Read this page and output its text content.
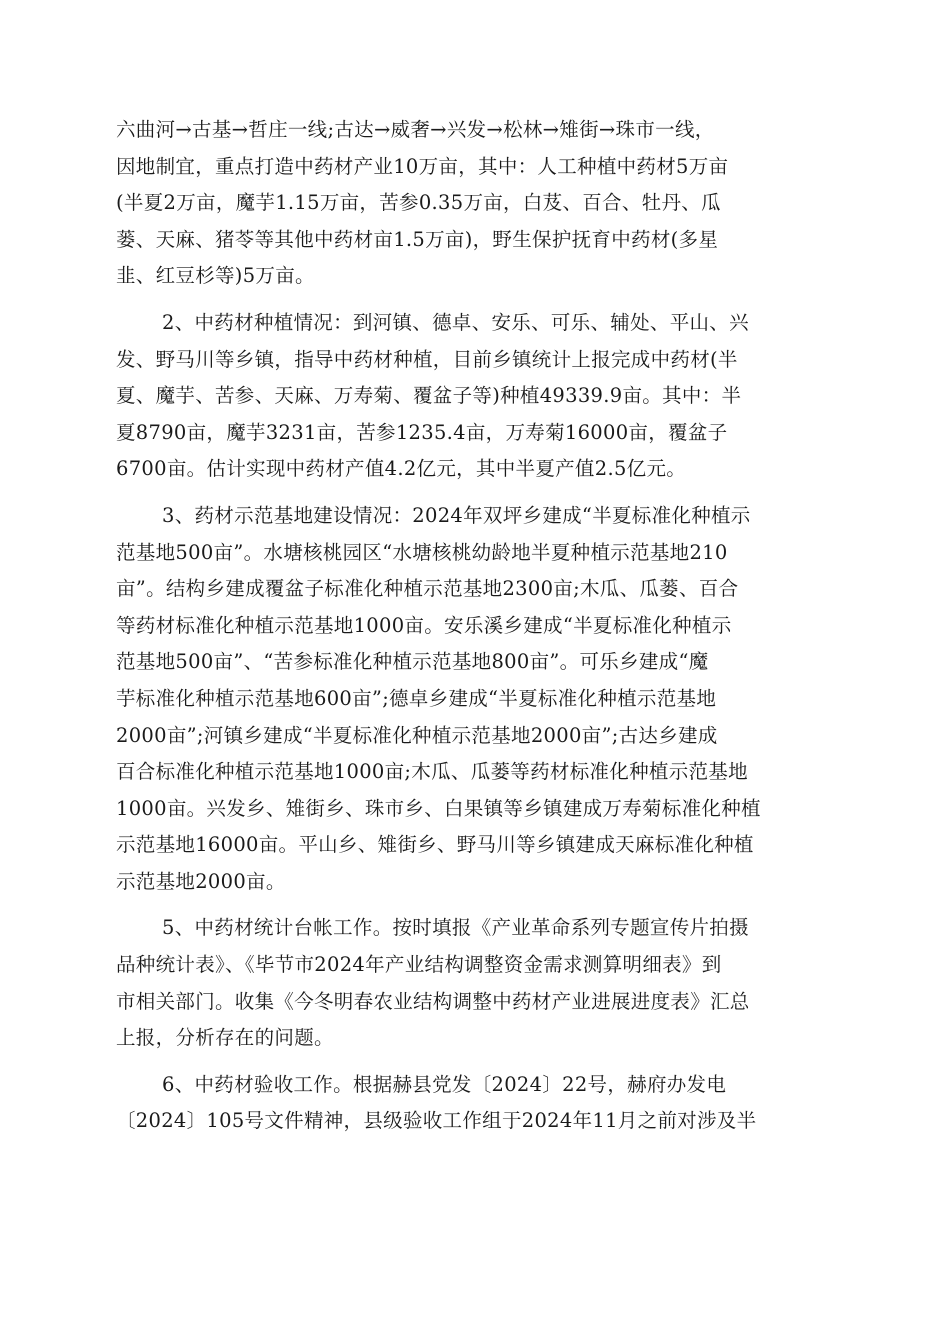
六曲河→古基→哲庄一线;古达→威奢→兴发→松林→雉街→珠市一线，
因地制宜，重点打造中药材产业10万亩，其中：人工种植中药材5万亩
(半夏2万亩，魔芋1.15万亩，苦参0.35万亩，白芨、百合、牡丹、瓜
蒌、天麻、猪苓等其他中药材亩1.5万亩)，野生保护抚育中药材(多星
韭、红豆杉等)5万亩。
2、中药材种植情况：到河镇、德卓、安乐、可乐、辅处、平山、兴
发、野马川等乡镇，指导中药材种植，目前乡镇统计上报完成中药材(半
夏、魔芋、苦参、天麻、万寿菊、覆盆子等)种植49339.9亩。其中：半
夏8790亩，魔芋3231亩，苦参1235.4亩，万寿菊16000亩，覆盆子
6700亩。估计实现中药材产值4.2亿元，其中半夏产值2.5亿元。
3、药材示范基地建设情况：2024年双坪乡建成“半夏标准化种植示
范基地500亩”。水塘核桃园区“水塘核桃幼龄地半夏种植示范基地210
亩”。结构乡建成覆盆子标准化种植示范基地2300亩;木瓜、瓜蒌、百合
等药材标准化种植示范基地1000亩。安乐溪乡建成“半夏标准化种植示
范基地500亩”、“苦参标准化种植示范基地800亩”。可乐乡建成“魔
芋标准化种植示范基地600亩”;德卓乡建成“半夏标准化种植示范基地
2000亩”;河镇乡建成“半夏标准化种植示范基地2000亩”;古达乡建成
百合标准化种植示范基地1000亩;木瓜、瓜蒌等药材标准化种植示范基地
1000亩。兴发乡、雉街乡、珠市乡、白果镇等乡镇建成万寿菊标准化种植
示范基地16000亩。平山乡、雉街乡、野马川等乡镇建成天麻标准化种植
示范基地2000亩。
5、中药材统计台帐工作。按时填报《产业革命系列专题宣传片拍摄
品种统计表》、《毕节市2024年产业结构调整资金需求测算明细表》到
市相关部门。收集《今冬明春农业结构调整中药材产业进展进度表》汇总
上报，分析存在的问题。
6、中药材验收工作。根据赫县党发〔2024〕22号，赫府办发电
〔2024〕105号文件精神，县级验收工作组于2024年11月之前对涉及半
